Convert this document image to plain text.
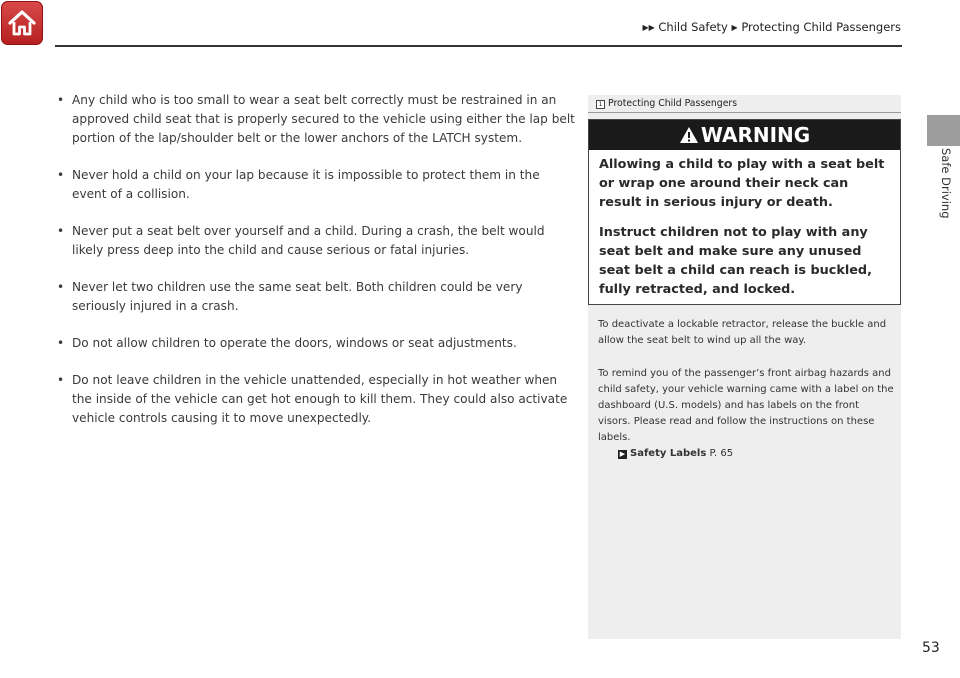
▶▶ Child Safety ▶ Protecting Child Passengers
Safe Driving
• Any child who is too small to wear a seat belt correctly must be restrained in an approved child seat that is properly secured to the vehicle using either the lap belt portion of the lap/shoulder belt or the lower anchors of the LATCH system.
• Never hold a child on your lap because it is impossible to protect them in the event of a collision.
• Never put a seat belt over yourself and a child. During a crash, the belt would likely press deep into the child and cause serious or fatal injuries.
• Never let two children use the same seat belt. Both children could be very seriously injured in a crash.
• Do not allow children to operate the doors, windows or seat adjustments.
• Do not leave children in the vehicle unattended, especially in hot weather when the inside of the vehicle can get hot enough to kill them. They could also activate vehicle controls causing it to move unexpectedly.
1 Protecting Child Passengers
WARNING

Allowing a child to play with a seat belt or wrap one around their neck can result in serious injury or death.

Instruct children not to play with any seat belt and make sure any unused seat belt a child can reach is buckled, fully retracted, and locked.

To deactivate a lockable retractor, release the buckle and allow the seat belt to wind up all the way.
To remind you of the passenger’s front airbag hazards and child safety, your vehicle warning came with a label on the dashboard (U.S. models) and has labels on the front visors. Please read and follow the instructions on these labels.
▶ Safety Labels P. 65
53
